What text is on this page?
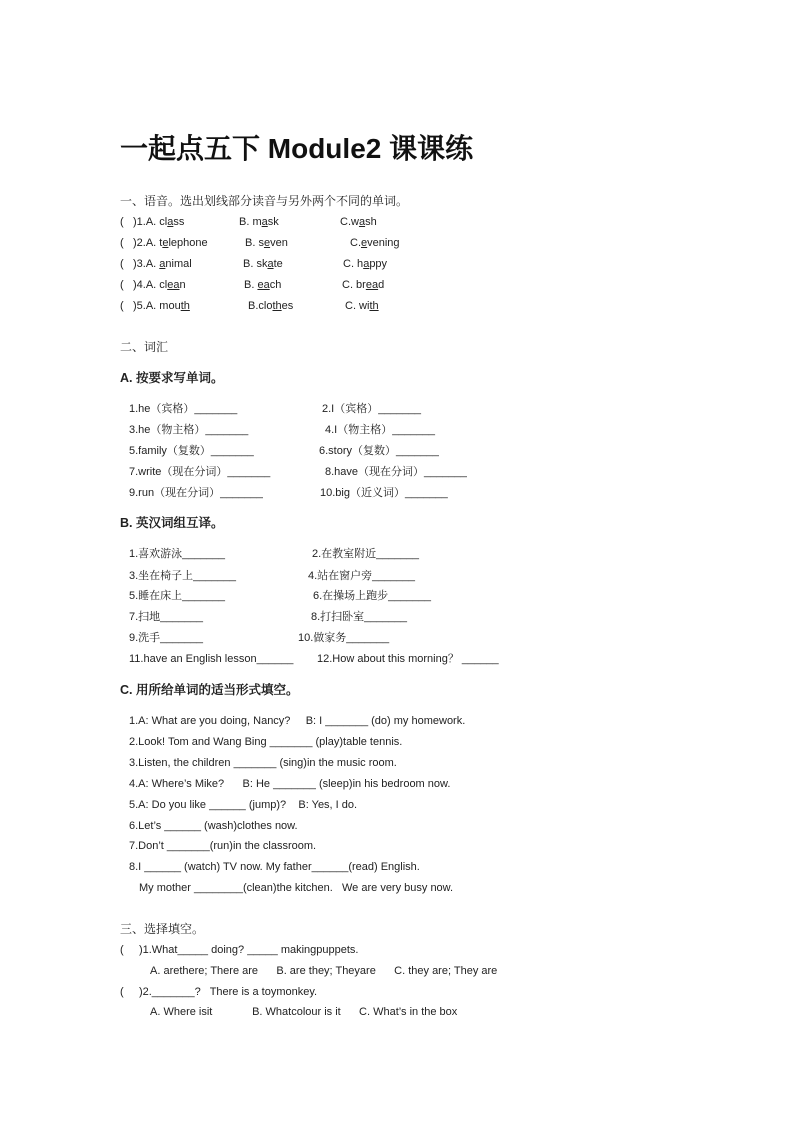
一起点五下 Module2 课课练
一、语音。选出划线部分读音与另外两个不同的单词。
二、词汇
A. 按要求写单词。
B. 英汉词组互译。
C. 用所给单词的适当形式填空。
三、选择填空。
( )1.A. class	B. mask	C.wash
( )2.A. telephone	B. seven	C.evening
( )3.A. animal	B. skate	C. happy
( )4.A. clean	B. each	C. bread
( )5.A. mouth	B.clothes	C. with
1.he（宾格）_______	2.I（宾格）_______
3.he（物主格）_______	4.I（物主格）_______
5.family（复数）_______	6.story（复数）_______
7.write（现在分词）_______	8.have（现在分词）_______
9.run（现在分词）_______	10.big（近义词）_______
1.喜欢游泳_______	2.在教室附近_______
3.坐在椅子上_______	4.站在窗户旁_______
5.睡在床上_______	6.在操场上跑步_______
7.扫地_______	8.打扫卧室_______
9.洗手_______	10.做家务_______
11.have an English lesson______ 12.How about this morning？ ______
1.A: What are you doing, Nancy?     B: I _______ (do) my homework.
2.Look! Tom and Wang Bing _______ (play)table tennis.
3.Listen, the children _______ (sing)in the music room.
4.A: Where’s Mike?      B: He _______ (sleep)in his bedroom now.
5.A: Do you like ______ (jump)?    B: Yes, I do.
6.Let’s ______ (wash)clothes now.
7.Don’t _______(run)in the classroom.
8.I ______ (watch) TV now. My father______(read) English.
My mother ________(clean)the kitchen.   We are very busy now.
(     )1.What_____ doing? _____ makingpuppets.
A. arethere; There are      B. are they; Theyare      C. they are; They are
(     )2._______?   There is a toymonkey.
A. Where isit             B. Whatcolour is it      C. What’s in the box
